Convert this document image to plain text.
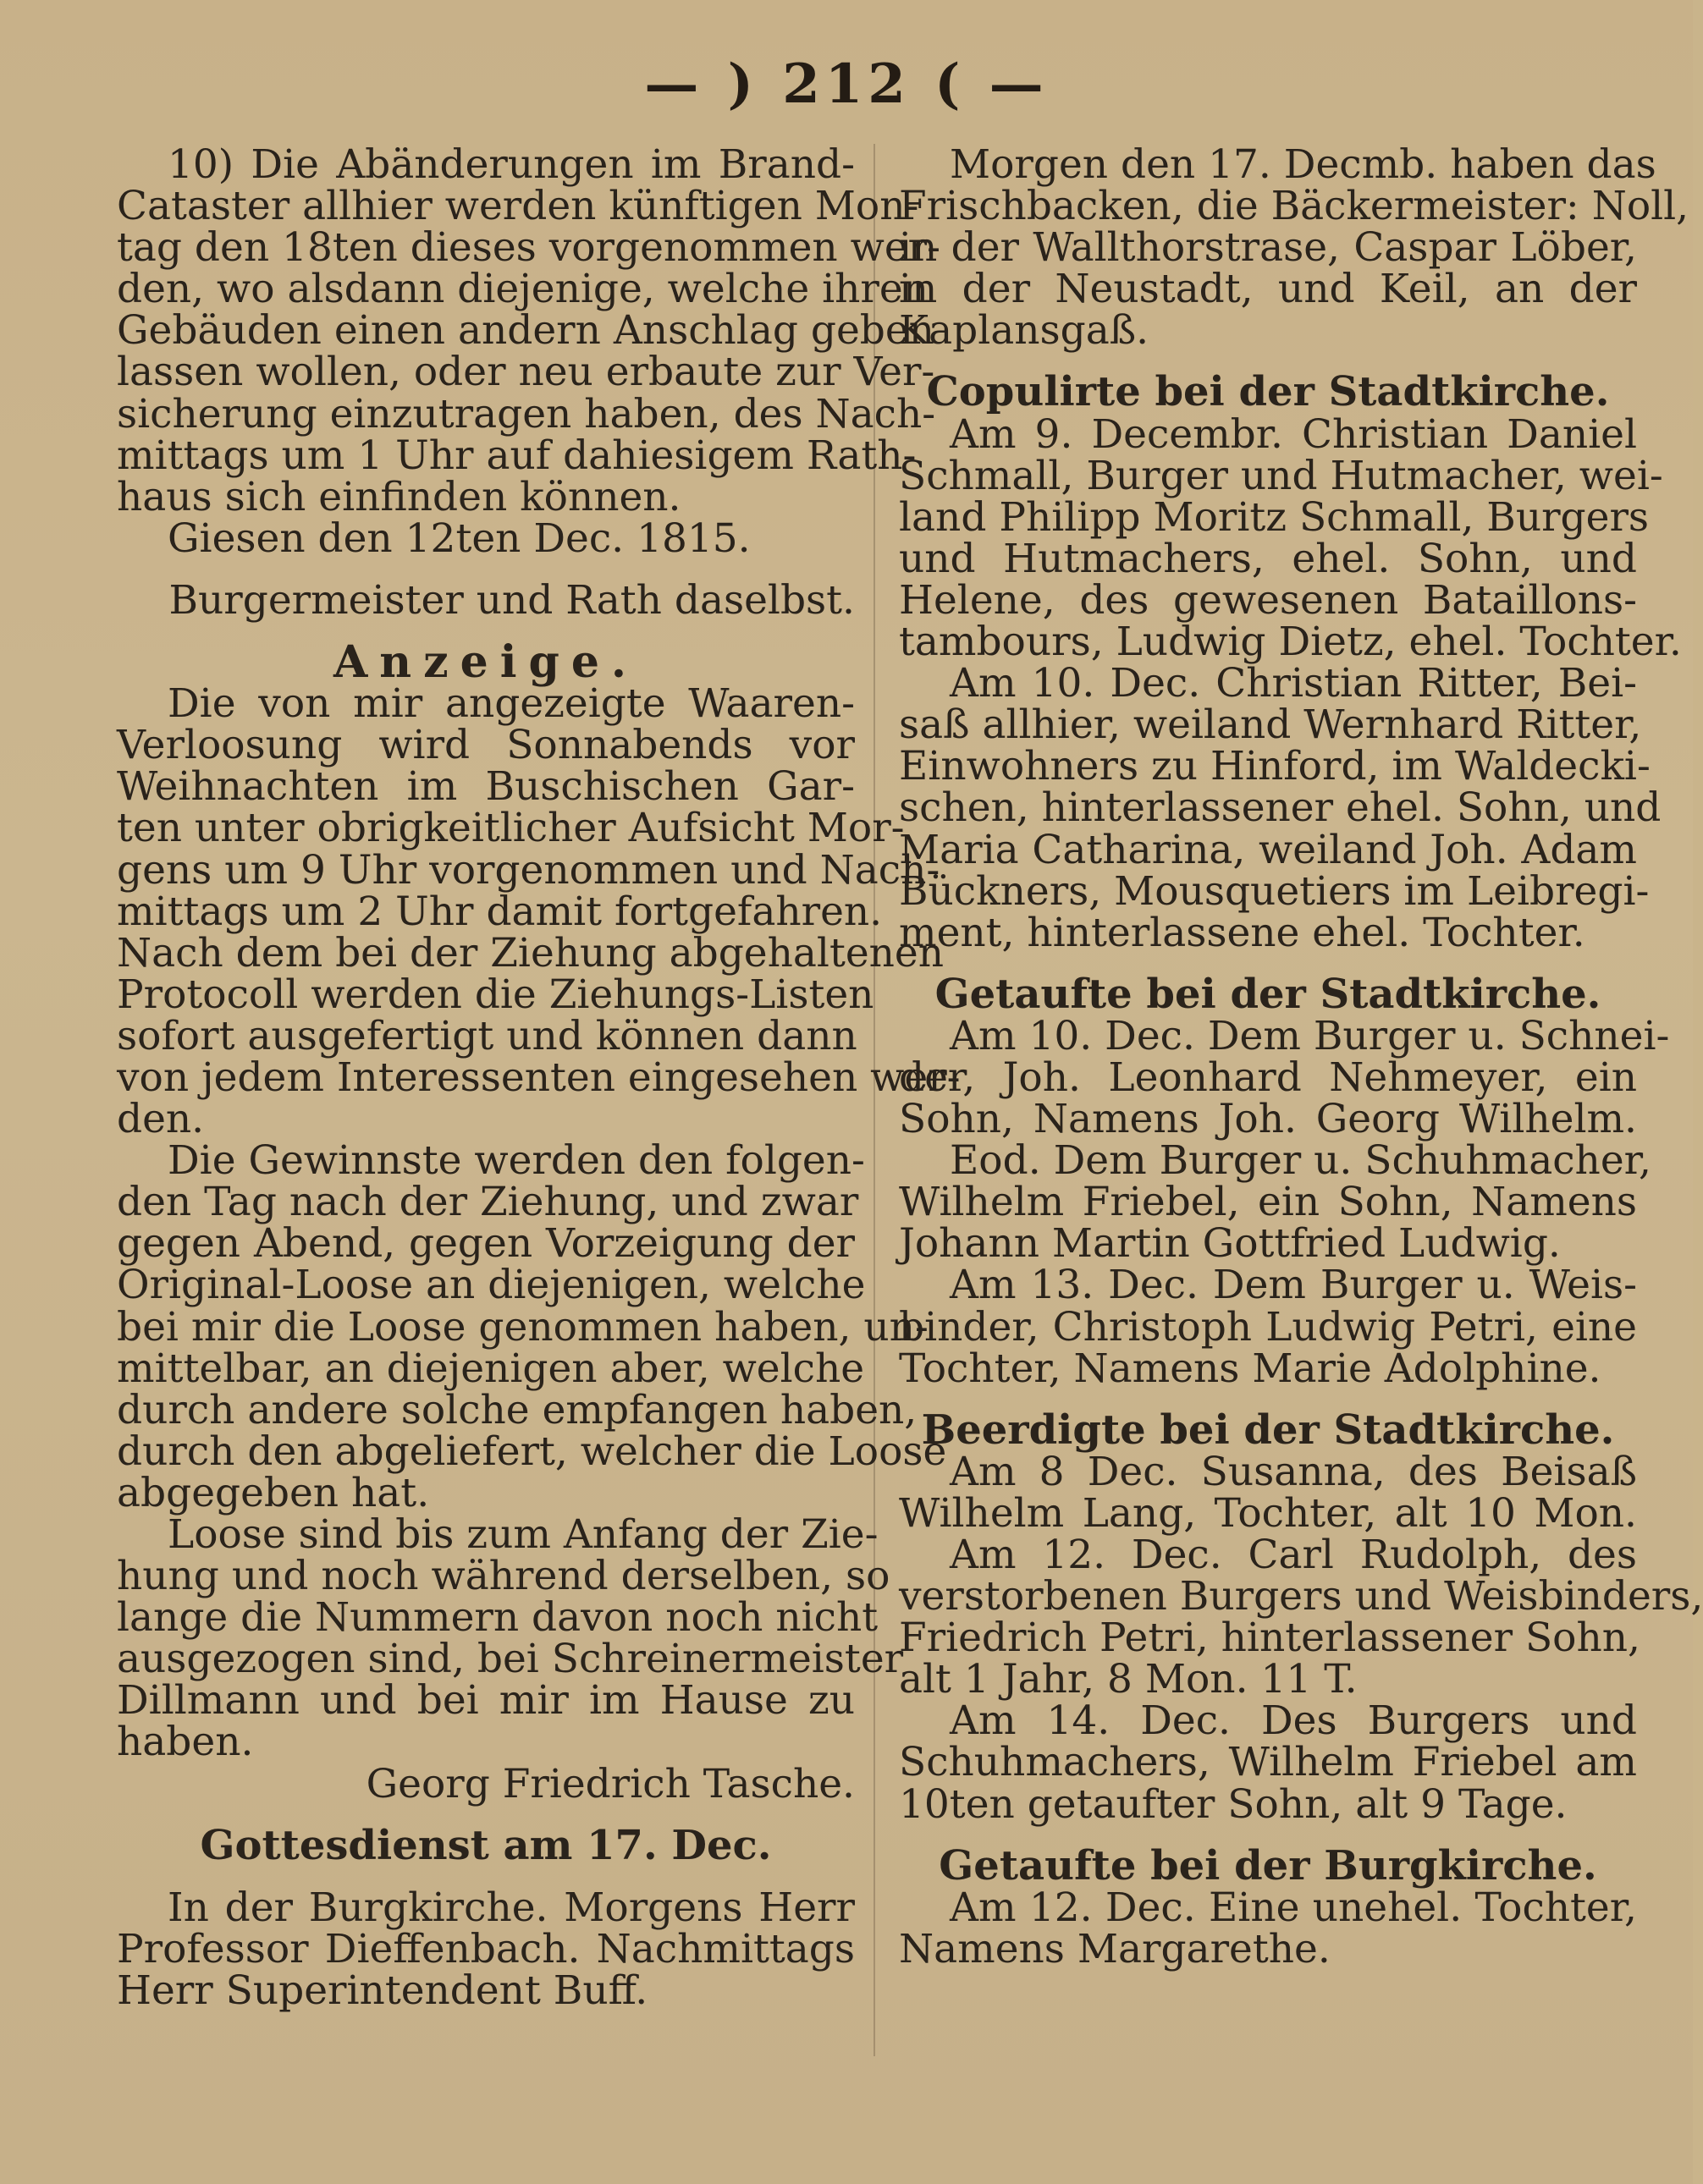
— ) 212 ( —
10) Die Abänderungen im Brand-
Cataster allhier werden künftigen Mon-
tag den 18ten dieses vorgenommen wer-
den, wo alsdann diejenige, welche ihren
Gebäuden einen andern Anschlag geben
lassen wollen, oder neu erbaute zur Ver-
sicherung einzutragen haben, des Nach-
mittags um 1 Uhr auf dahiesigem Rath-
haus sich einfinden können.
Giesen den 12ten Dec. 1815.
Burgermeister und Rath daselbst.
Anzeige.
Die von mir angezeigte Waaren-
Verloosung wird Sonnabends vor
Weihnachten im Buschischen Gar-
ten unter obrigkeitlicher Aufsicht Mor-
gens um 9 Uhr vorgenommen und Nach-
mittags um 2 Uhr damit fortgefahren.
Nach dem bei der Ziehung abgehaltenen
Protocoll werden die Ziehungs-Listen
sofort ausgefertigt und können dann
von jedem Interessenten eingesehen wer-
den.
Die Gewinnste werden den folgen-
den Tag nach der Ziehung, und zwar
gegen Abend, gegen Vorzeigung der
Original-Loose an diejenigen, welche
bei mir die Loose genommen haben, un-
mittelbar, an diejenigen aber, welche
durch andere solche empfangen haben,
durch den abgeliefert, welcher die Loose
abgegeben hat.
Loose sind bis zum Anfang der Zie-
hung und noch während derselben, so
lange die Nummern davon noch nicht
ausgezogen sind, bei Schreinermeister
Dillmann und bei mir im Hause zu
haben.
Georg Friedrich Tasche.
Gottesdienst am 17. Dec.
In der Burgkirche. Morgens Herr
Professor Dieffenbach. Nachmittags
Herr Superintendent Buff.
Morgen den 17. Decmb. haben das
Frischbacken, die Bäckermeister: Noll,
in der Wallthorstrase, Caspar Löber,
in der Neustadt, und Keil, an der
Kaplansgaß.
Copulirte bei der Stadtkirche.
Am 9. Decembr. Christian Daniel
Schmall, Burger und Hutmacher, wei-
land Philipp Moritz Schmall, Burgers
und Hutmachers, ehel. Sohn, und
Helene, des gewesenen Bataillons-
tambours, Ludwig Dietz, ehel. Tochter.
Am 10. Dec. Christian Ritter, Bei-
saß allhier, weiland Wernhard Ritter,
Einwohners zu Hinford, im Waldecki-
schen, hinterlassener ehel. Sohn, und
Maria Catharina, weiland Joh. Adam
Bückners, Mousquetiers im Leibregi-
ment, hinterlassene ehel. Tochter.
Getaufte bei der Stadtkirche.
Am 10. Dec. Dem Burger u. Schnei-
der, Joh. Leonhard Nehmeyer, ein
Sohn, Namens Joh. Georg Wilhelm.
Eod. Dem Burger u. Schuhmacher,
Wilhelm Friebel, ein Sohn, Namens
Johann Martin Gottfried Ludwig.
Am 13. Dec. Dem Burger u. Weis-
binder, Christoph Ludwig Petri, eine
Tochter, Namens Marie Adolphine.
Beerdigte bei der Stadtkirche.
Am 8 Dec. Susanna, des Beisaß
Wilhelm Lang, Tochter, alt 10 Mon.
Am 12. Dec. Carl Rudolph, des
verstorbenen Burgers und Weisbinders,
Friedrich Petri, hinterlassener Sohn,
alt 1 Jahr, 8 Mon. 11 T.
Am 14. Dec. Des Burgers und
Schuhmachers, Wilhelm Friebel am
10ten getaufter Sohn, alt 9 Tage.
Getaufte bei der Burgkirche.
Am 12. Dec. Eine unehel. Tochter,
Namens Margarethe.
